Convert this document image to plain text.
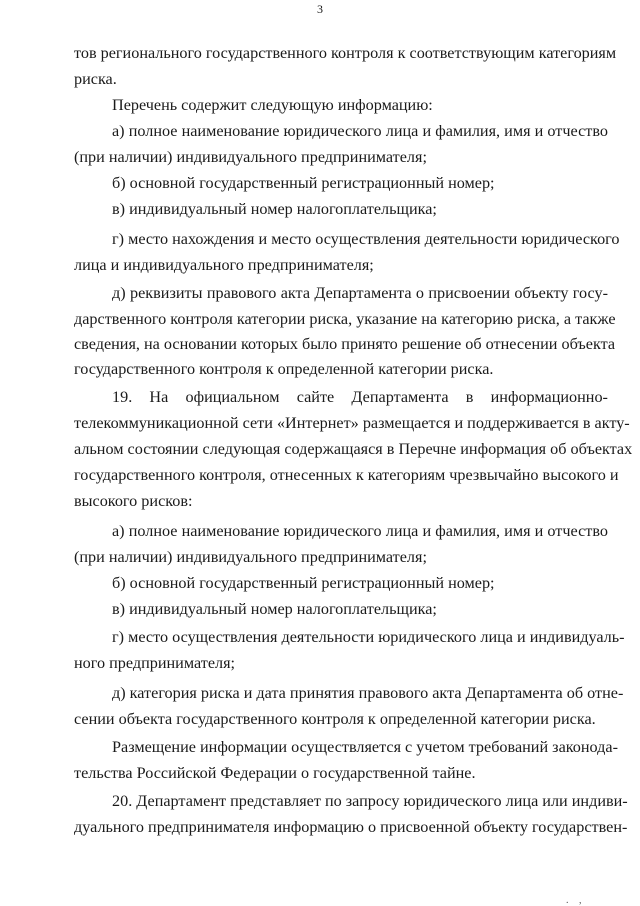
3
тов регионального государственного контроля к соответствующим категориям
риска.
Перечень содержит следующую информацию:
а) полное наименование юридического лица и фамилия, имя и отчество
(при наличии) индивидуального предпринимателя;
б) основной государственный регистрационный номер;
в) индивидуальный номер налогоплательщика;
г) место нахождения и место осуществления деятельности юридического
лица и индивидуального предпринимателя;
д) реквизиты правового акта Департамента о присвоении объекту госу-
дарственного контроля категории риска, указание на категорию риска, а также
сведения, на основании которых было принято решение об отнесении объекта
государственного контроля к определенной категории риска.
19. На официальном сайте Департамента в информационно-
телекоммуникационной сети «Интернет» размещается и поддерживается в акту-
альном состоянии следующая содержащаяся в Перечне информация об объектах
государственного контроля, отнесенных к категориям чрезвычайно высокого и
высокого рисков:
а) полное наименование юридического лица и фамилия, имя и отчество
(при наличии) индивидуального предпринимателя;
б) основной государственный регистрационный номер;
в) индивидуальный номер налогоплательщика;
г) место осуществления деятельности юридического лица и индивидуаль-
ного предпринимателя;
д) категория риска и дата принятия правового акта Департамента об отне-
сении объекта государственного контроля к определенной категории риска.
Размещение информации осуществляется с учетом требований законода-
тельства Российской Федерации о государственной тайне.
20. Департамент представляет по запросу юридического лица или индиви-
дуального предпринимателя информацию о присвоенной объекту государствен-
. ,
